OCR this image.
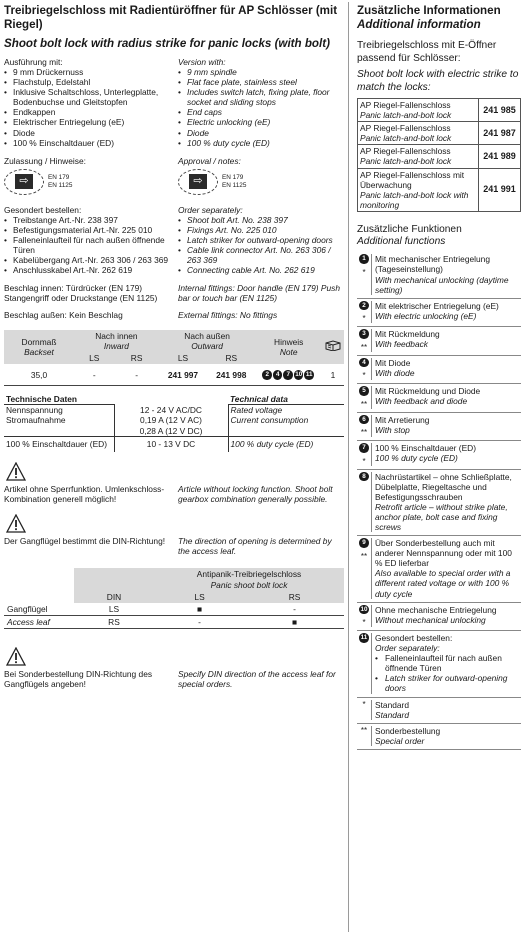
Treibriegelschloss mit Radientüröffner für AP Schlösser (mit Riegel)
Shoot bolt lock with radius strike for panic locks (with bolt)
Ausführung mit:
• 9 mm Drückernuss
• Flachstulp, Edelstahl
• Inklusive Schaltschloss, Unterlegplatte, Bodenbuchse und Gleitstopfen
• Endkappen
• Elektrischer Entriegelung (eE)
• Diode
• 100 % Einschaltdauer (ED)
Version with:
• 9 mm spindle
• Flat face plate, stainless steel
• Includes switch latch, fixing plate, floor socket and sliding stops
• End caps
• Electric unlocking (eE)
• Diode
• 100 % duty cycle (ED)
Zulassung / Hinweise:
⇨	EN 179
EN 1125
Approval / notes:
⇨	EN 179
EN 1125
Gesondert bestellen:
• Treibstange Art.-Nr. 238 397
• Befestigungsmaterial Art.-Nr. 225 010
• Falleneinlaufteil für nach außen öffnende Türen
• Kabelübergang Art.-Nr. 263 306 / 263 369
• Anschlusskabel Art.-Nr. 262 619
Order separately:
• Shoot bolt Art. No. 238 397
• Fixings Art. No. 225 010
• Latch striker for outward-opening doors
• Cable link connector Art. No. 263 306 / 263 369
• Connecting cable Art. No. 262 619
Beschlag innen: Türdrücker (EN 179) Stangengriff oder Druckstange (EN 1125)
Internal fittings: Door handle (EN 179) Push bar or touch bar (EN 1125)
Beschlag außen: Kein Beschlag	External fittings: No fittings
Dornmaß
Backset	Nach innen
Inward		Nach außen
Outward		Hinweis
Note	
	LS	RS	LS	RS		
35,0	-	-	241 997	241 998	2 4 7 10 11	1
Technische Daten		Technical data
Nennspannung	12 - 24 V AC/DC	Rated voltage
Stromaufnahme	0,19 A (12 V AC)	Current consumption
	0,28 A (12 V DC)	
100 % Einschaltdauer (ED)	10 - 13 V DC	100 % duty cycle (ED)
Artikel ohne Sperrfunktion. Umlenkschloss-Kombination generell möglich!
Article without locking function. Shoot bolt gearbox combination generally possible.
Der Gangflügel bestimmt die DIN-Richtung!	The direction of opening is determined by the access leaf.
		Antipanik-Treibriegelschloss
Panic shoot bolt lock	
	DIN	LS	RS
Gangflügel	LS	■	-
Access leaf	RS	-	■
Bei Sonderbestellung DIN-Richtung des Gangflügels angeben!
Specify DIN direction of the access leaf for special orders.
Zusätzliche Informationen
Additional information
Treibriegelschloss mit E-Öffner passend für Schlösser:
Shoot bolt lock with electric strike to match the locks:
AP Riegel-Fallenschloss
Panic latch-and-bolt lock	241 985

AP Riegel-Fallenschloss
Panic latch-and-bolt lock	241 987

AP Riegel-Fallenschloss
Panic latch-and-bolt lock	241 989

AP Riegel-Fallenschloss mit Überwachung
Panic latch-and-bolt lock with monitoring	241 991
Zusätzliche Funktionen
Additional functions
1
*
Mit mechanischer Entriegelung (Tageseinstellung)
With mechanical unlocking (daytime setting)
2
*
Mit elektrischer Entriegelung (eE)
With electric unlocking (eE)
3
**
Mit Rückmeldung
With feedback
4
*
Mit Diode
With diode
5
**
Mit Rückmeldung und Diode
With feedback and diode
6
**
Mit Arretierung
With stop
7
*
100 % Einschaltdauer (ED)
100 % duty cycle (ED)
8	Nachrüstartikel – ohne Schließplatte, Dübelplatte, Riegeltasche und Befestigungsschrauben
Retrofit article – without strike plate, anchor plate, bolt case and fixing screws
9
**
Über Sonderbestellung auch mit anderer Nennspannung oder mit 100 % ED lieferbar
Also available to special order with a different rated voltage or with 100 % duty cycle
10
*
Ohne mechanische Entriegelung
Without mechanical unlocking
11 Gesondert bestellen:
Order separately:
• Falleneinlaufteil für nach außen öffnende Türen
• Latch striker for outward-opening doors
* Standard
Standard
** Sonderbestellung
Special order
